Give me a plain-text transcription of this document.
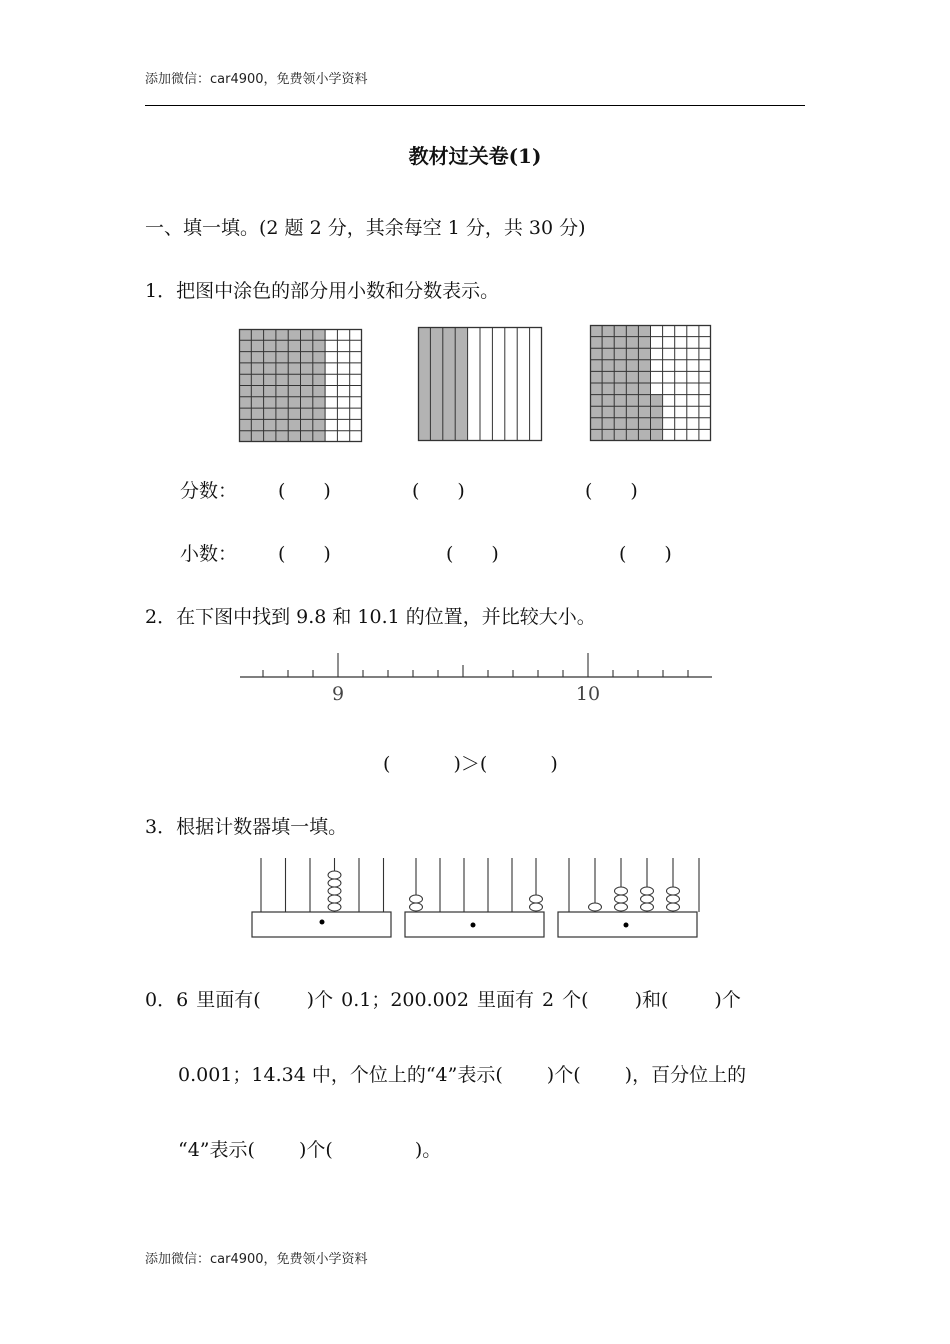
添加微信：car4900，免费领小学资料
教材过关卷(1)
一、填一填。(2 题 2 分，其余每空 1 分，共 30 分)
1．把图中涂色的部分用小数和分数表示。
分数： (　　)	(　　)	(　　)
小数： (　　)	(　　)	(　　)
2．在下图中找到 9.8 和 10.1 的位置，并比较大小。
9	10
(　　　 )＞(　　　 )
3．根据计数器填一填。
0．6 里面有(　　 )个 0.1；200.002 里面有 2 个(　　 )和(　　 )个
0.001；14.34 中，个位上的“4”表示(　　 )个(　　 )，百分位上的
“4”表示(　　 )个(　　　　 )。
添加微信：car4900，免费领小学资料
